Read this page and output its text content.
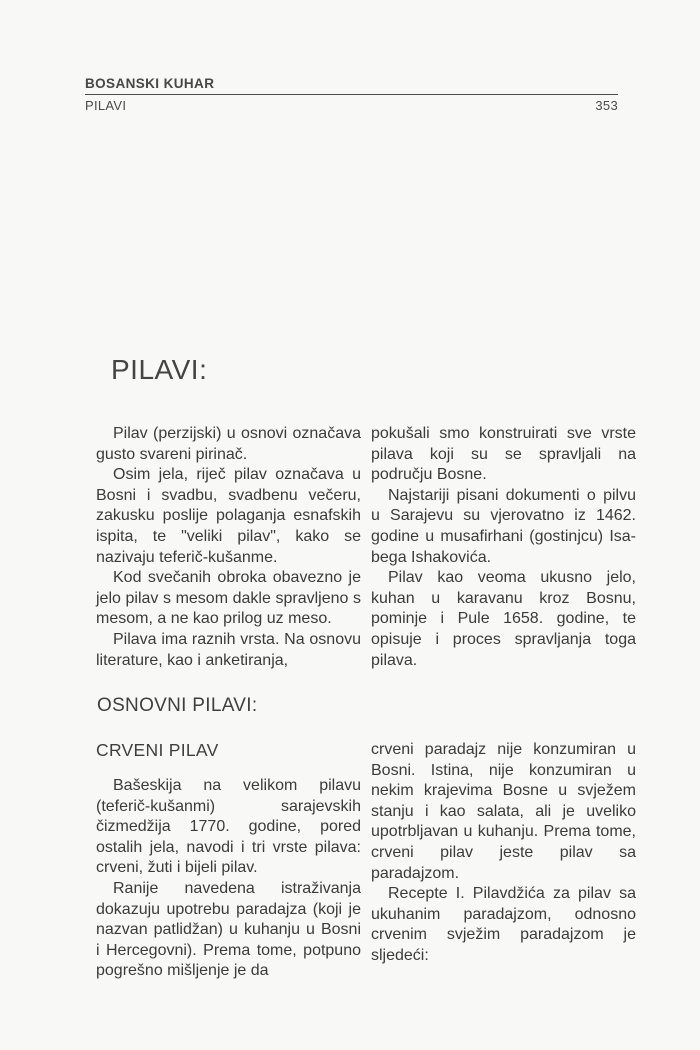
BOSANSKI KUHAR
PILAVI	353
PILAVI:

Pilav (perzijski) u osnovi označava gusto svareni pirinač.

Osim jela, riječ pilav označava u Bosni i svadbu, svadbenu večeru, zakusku poslije polaganja esnafskih ispita, te "veliki pilav", kako se nazivaju teferič-kušanme.

Kod svečanih obroka obavezno je jelo pilav s mesom dakle spravljeno s mesom, a ne kao prilog uz meso.

Pilava ima raznih vrsta. Na osnovu literature, kao i anketiranja,

pokušali smo konstruirati sve vrste pilava koji su se spravljali na području Bosne.

Najstariji pisani dokumenti o pilvu u Sarajevu su vjerovatno iz 1462. godine u musafirhani (gostinjcu) Isa-bega Ishakovića.

Pilav kao veoma ukusno jelo, kuhan u karavanu kroz Bosnu, pominje i Pule 1658. godine, te opisuje i proces spravljanja toga pilava.

OSNOVNI PILAVI:
CRVENI PILAV

Bašeskija na velikom pilavu (teferič-kušanmi) sarajevskih čizmedžija 1770. godine, pored ostalih jela, navodi i tri vrste pilava: crveni, žuti i bijeli pilav.

Ranije navedena istraživanja dokazuju upotrebu paradajza (koji je nazvan patlidžan) u kuhanju u Bosni i Hercegovni). Prema tome, potpuno pogrešno mišljenje je da

crveni paradajz nije konzumiran u Bosni. Istina, nije konzumiran u nekim krajevima Bosne u svježem stanju i kao salata, ali je uveliko upotrbljavan u kuhanju. Prema tome, crveni pilav jeste pilav sa paradajzom.

Recepte I. Pilavdžića za pilav sa ukuhanim paradajzom, odnosno crvenim svježim paradajzom je sljedeći:
